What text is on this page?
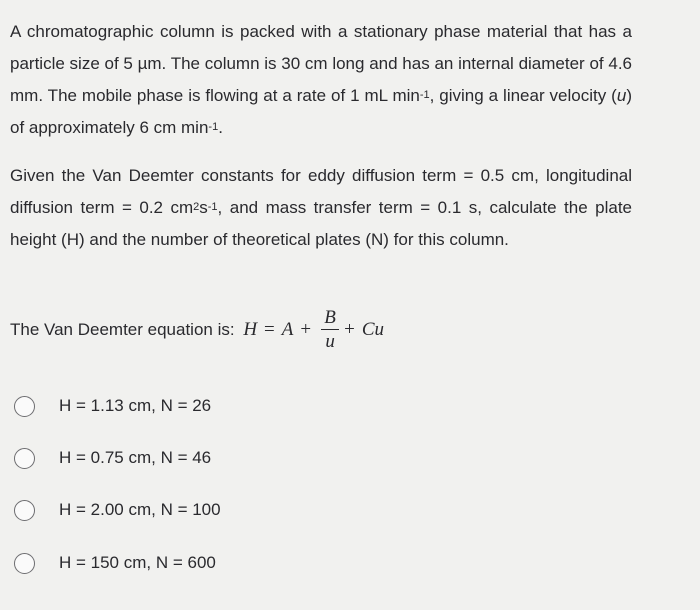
A chromatographic column is packed with a stationary phase material that has a particle size of 5 µm. The column is 30 cm long and has an internal diameter of 4.6 mm. The mobile phase is flowing at a rate of 1 mL $\min^{-1}$, giving a linear velocity (u) of approximately 6 cm $\min^{-1}$.
Given the Van Deemter constants for eddy diffusion term = 0.5 cm, longitudinal diffusion term = 0.2 $cm^2s^{-1}$, and mass transfer term = 0.1 s, calculate the plate height (H) and the number of theoretical plates (N) for this column.
The Van Deemter equation is: $H = A + \frac{B}{u} + Cu$
H = 1.13 cm, N = 26
H = 0.75 cm, N = 46
H = 2.00 cm, N = 100
H = 150 cm, N = 600
